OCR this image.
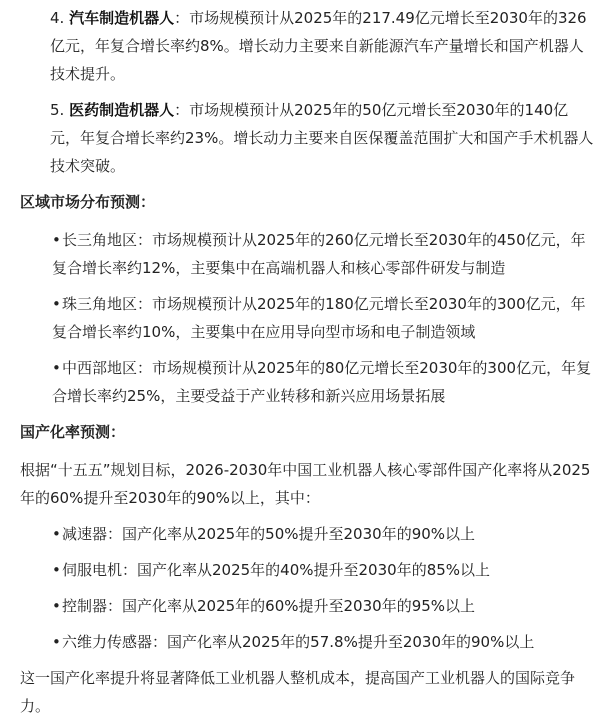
4. 汽车制造机器人：市场规模预计从2025年的217.49亿元增长至2030年的326亿元，年复合增长率约8%。增长动力主要来自新能源汽车产量增长和国产机器人技术提升。

5. 医药制造机器人：市场规模预计从2025年的50亿元增长至2030年的140亿元，年复合增长率约23%。增长动力主要来自医保覆盖范围扩大和国产手术机器人技术突破。

区域市场分布预测：

•长三角地区：市场规模预计从2025年的260亿元增长至2030年的450亿元，年复合增长率约12%，主要集中在高端机器人和核心零部件研发与制造

•珠三角地区：市场规模预计从2025年的180亿元增长至2030年的300亿元，年复合增长率约10%，主要集中在应用导向型市场和电子制造领域

•中西部地区：市场规模预计从2025年的80亿元增长至2030年的300亿元，年复合增长率约25%，主要受益于产业转移和新兴应用场景拓展

国产化率预测：

根据“十五五”规划目标，2026-2030年中国工业机器人核心零部件国产化率将从2025年的60%提升至2030年的90%以上，其中：

•减速器：国产化率从2025年的50%提升至2030年的90%以上

•伺服电机：国产化率从2025年的40%提升至2030年的85%以上

•控制器：国产化率从2025年的60%提升至2030年的95%以上

•六维力传感器：国产化率从2025年的57.8%提升至2030年的90%以上

这一国产化率提升将显著降低工业机器人整机成本，提高国产工业机器人的国际竞争力。
